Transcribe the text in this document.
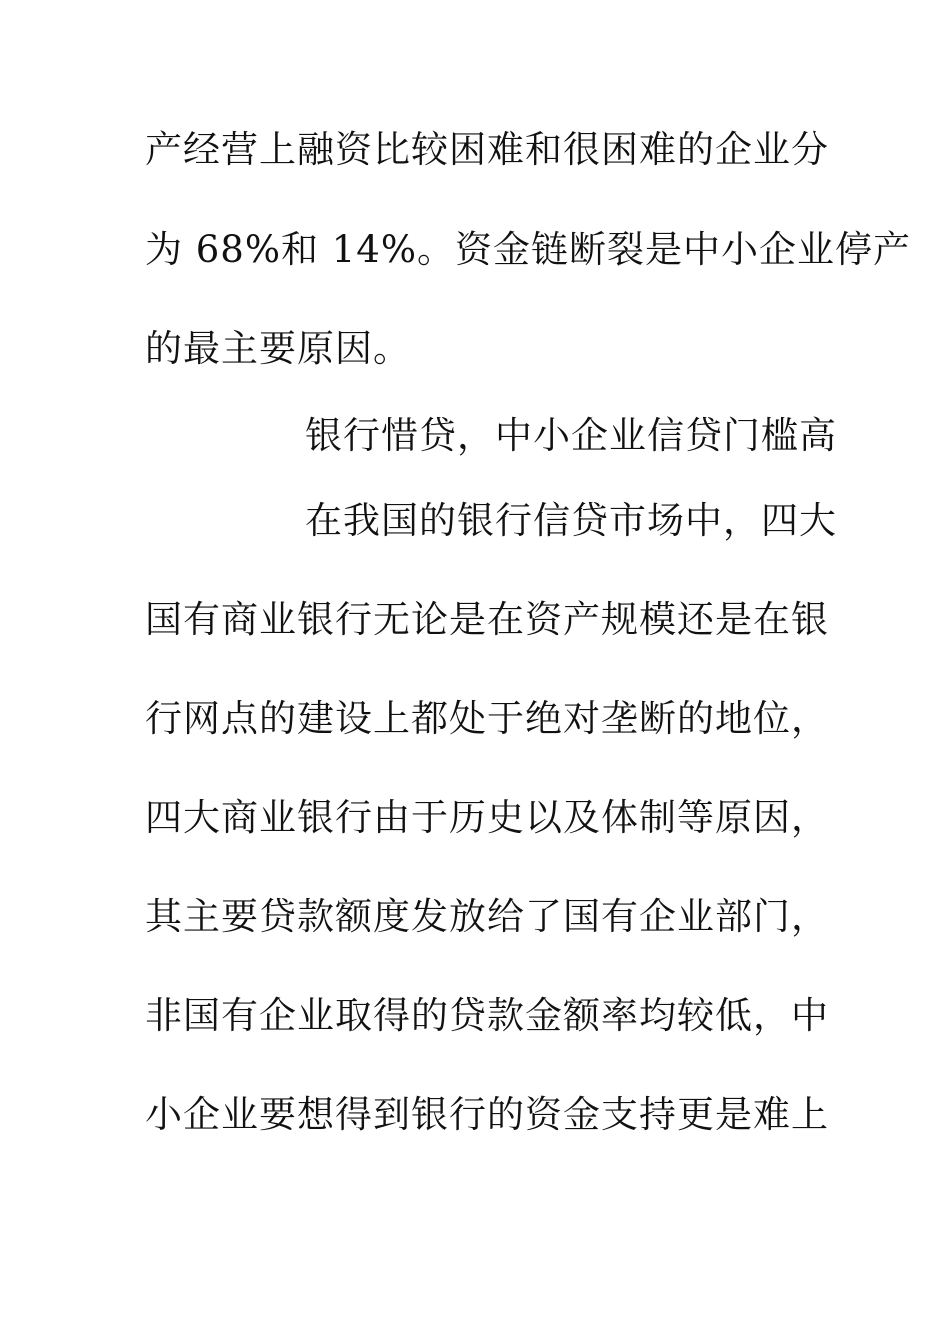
产经营上融资比较困难和很困难的企业分
为 68%和 14%。资金链断裂是中小企业停产
的最主要原因。
银行惜贷，中小企业信贷门槛高
在我国的银行信贷市场中，四大
国有商业银行无论是在资产规模还是在银
行网点的建设上都处于绝对垄断的地位，
四大商业银行由于历史以及体制等原因，
其主要贷款额度发放给了国有企业部门，
非国有企业取得的贷款金额率均较低，中
小企业要想得到银行的资金支持更是难上
